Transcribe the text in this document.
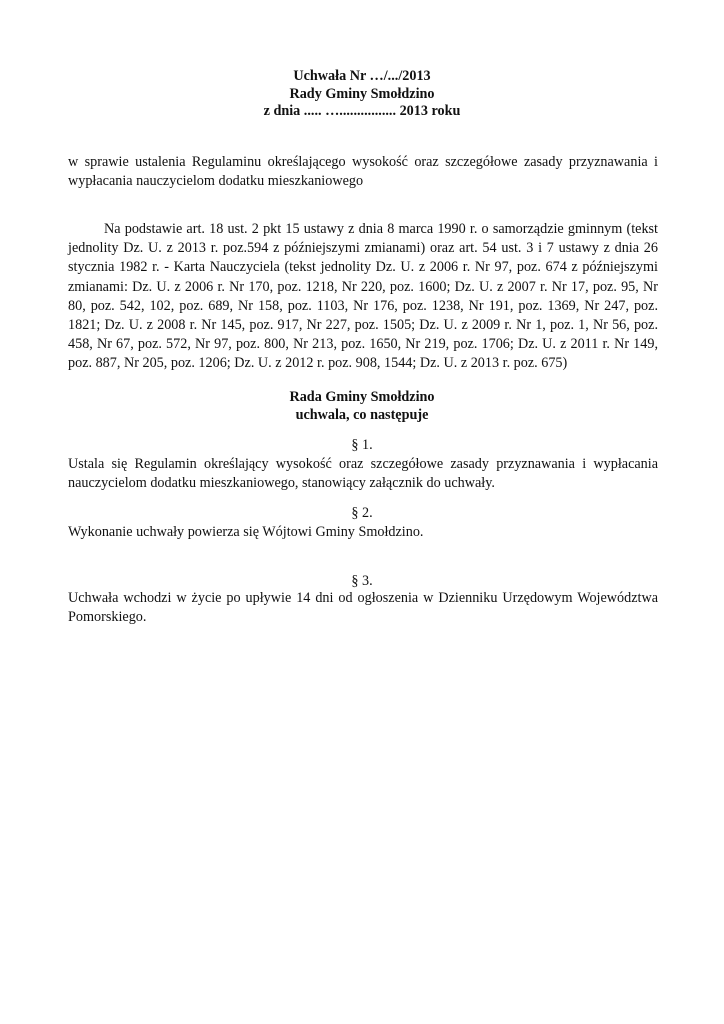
Uchwała Nr …/.../2013
Rady Gminy Smołdzino
z dnia ..... …................ 2013 roku
w sprawie ustalenia Regulaminu określającego wysokość oraz szczegółowe zasady przyznawania i wypłacania nauczycielom dodatku mieszkaniowego
Na podstawie art. 18 ust. 2 pkt 15 ustawy z dnia 8 marca 1990 r. o samorządzie gminnym (tekst jednolity Dz. U. z 2013 r. poz.594 z późniejszymi zmianami) oraz art. 54 ust. 3 i 7 ustawy z dnia 26 stycznia 1982 r. - Karta Nauczyciela (tekst jednolity Dz. U. z 2006 r. Nr 97, poz. 674 z późniejszymi zmianami: Dz. U. z 2006 r. Nr 170, poz. 1218, Nr 220, poz. 1600; Dz. U. z 2007 r. Nr 17, poz. 95, Nr 80, poz. 542, 102, poz. 689, Nr 158, poz. 1103, Nr 176, poz. 1238, Nr 191, poz. 1369, Nr 247, poz. 1821; Dz. U. z 2008 r. Nr 145, poz. 917, Nr 227, poz. 1505; Dz. U. z 2009 r. Nr 1, poz. 1, Nr 56, poz. 458, Nr 67, poz. 572, Nr 97, poz. 800, Nr 213, poz. 1650, Nr 219, poz. 1706; Dz. U. z 2011 r. Nr 149, poz. 887, Nr 205, poz. 1206; Dz. U. z 2012 r. poz. 908, 1544; Dz. U. z 2013 r. poz. 675)
Rada Gminy Smołdzino
uchwala, co następuje
§ 1.
Ustala się Regulamin określający wysokość oraz szczegółowe zasady przyznawania i wypłacania nauczycielom dodatku mieszkaniowego, stanowiący załącznik do uchwały.
§ 2.
Wykonanie uchwały powierza się Wójtowi Gminy Smołdzino.
§ 3.
Uchwała wchodzi w życie po upływie 14 dni od ogłoszenia w Dzienniku Urzędowym Województwa Pomorskiego.
